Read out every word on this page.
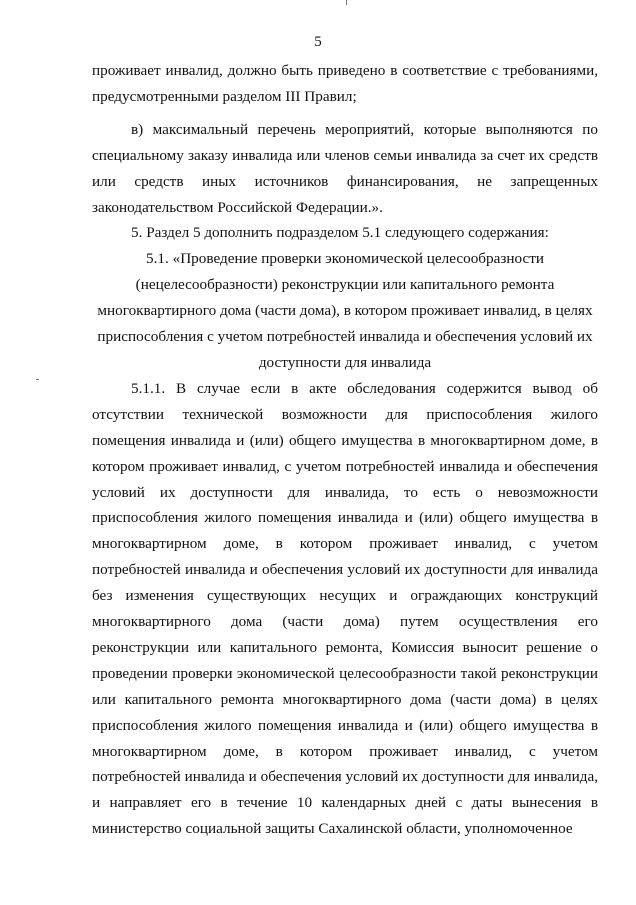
5

проживает инвалид, должно быть приведено в соответствие с требованиями, предусмотренными разделом III Правил;

в) максимальный перечень мероприятий, которые выполняются по специальному заказу инвалида или членов семьи инвалида за счет их средств или средств иных источников финансирования, не запрещенных законодательством Российской Федерации.».

5. Раздел 5 дополнить подразделом 5.1 следующего содержания:

5.1. «Проведение проверки экономической целесообразности (нецелесообразности) реконструкции или капитального ремонта многоквартирного дома (части дома), в котором проживает инвалид, в целях приспособления с учетом потребностей инвалида и обеспечения условий их доступности для инвалида

5.1.1. В случае если в акте обследования содержится вывод об отсутствии технической возможности для приспособления жилого помещения инвалида и (или) общего имущества в многоквартирном доме, в котором проживает инвалид, с учетом потребностей инвалида и обеспечения условий их доступности для инвалида, то есть о невозможности приспособления жилого помещения инвалида и (или) общего имущества в многоквартирном доме, в котором проживает инвалид, с учетом потребностей инвалида и обеспечения условий их доступности для инвалида без изменения существующих несущих и ограждающих конструкций многоквартирного дома (части дома) путем осуществления его реконструкции или капитального ремонта, Комиссия выносит решение о проведении проверки экономической целесообразности такой реконструкции или капитального ремонта многоквартирного дома (части дома) в целях приспособления жилого помещения инвалида и (или) общего имущества в многоквартирном доме, в котором проживает инвалид, с учетом потребностей инвалида и обеспечения условий их доступности для инвалида, и направляет его в течение 10 календарных дней с даты вынесения в министерство социальной защиты Сахалинской области, уполномоченное
